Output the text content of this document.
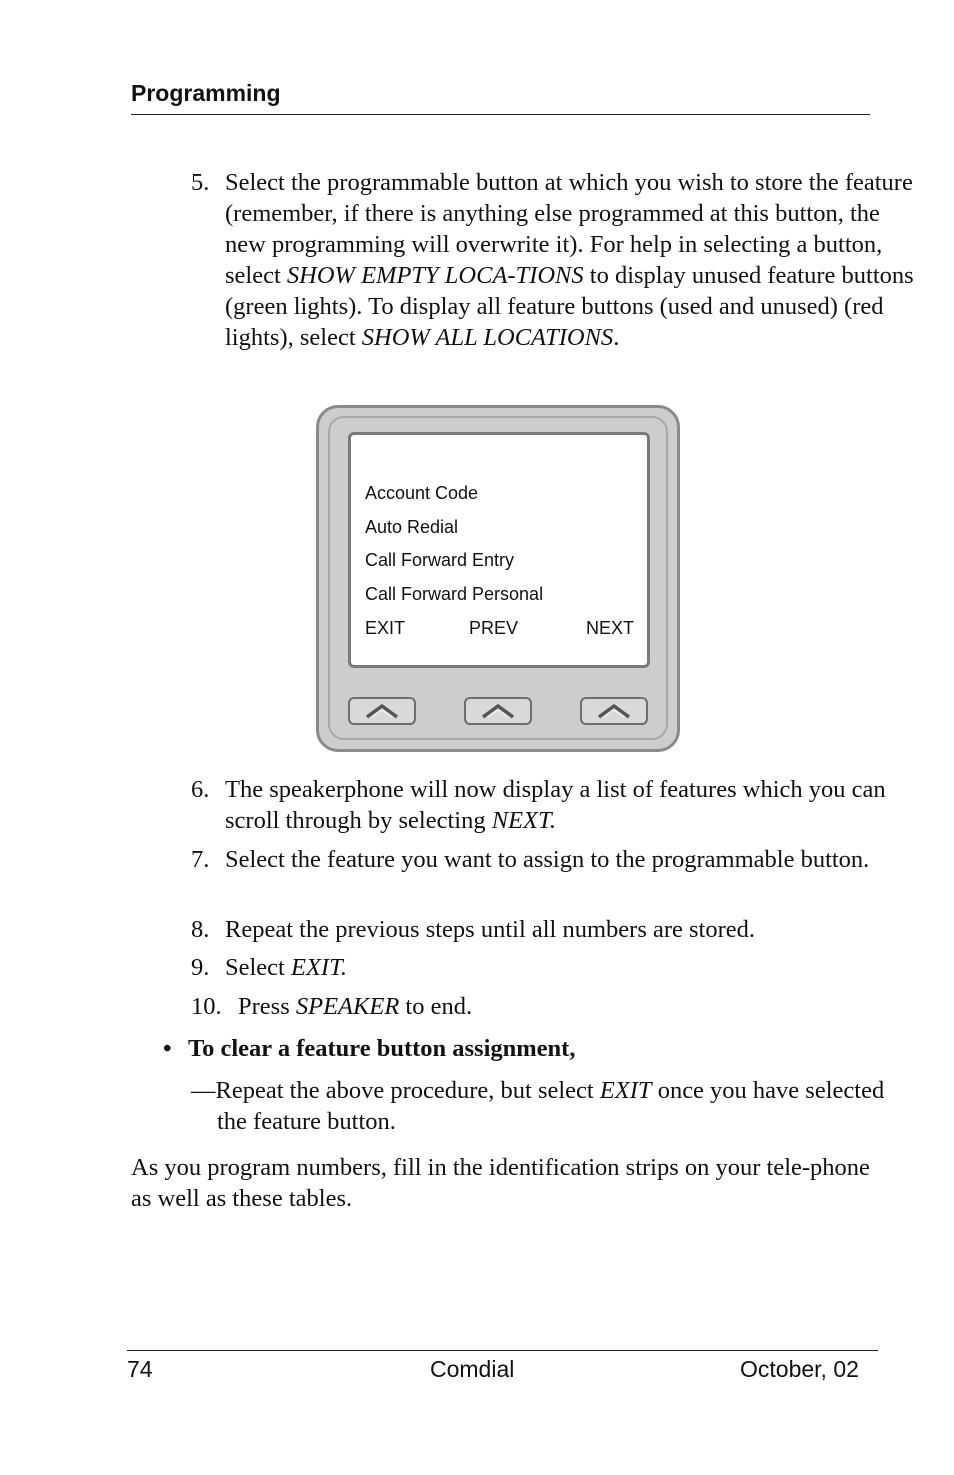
Programming

5. Select the programmable button at which you wish to store the feature (remember, if there is anything else programmed at this button, the new programming will overwrite it). For help in selecting a button, select SHOW EMPTY LOCA-TIONS to display unused feature buttons (green lights). To display all feature buttons (used and unused) (red lights), select SHOW ALL LOCATIONS.

Account Code
Auto Redial
Call Forward Entry
Call Forward Personal
EXIT	PREV	NEXT

6. The speakerphone will now display a list of features which you can scroll through by selecting NEXT.

7. Select the feature you want to assign to the programmable button.

8. Repeat the previous steps until all numbers are stored.

9. Select EXIT.

10. Press SPEAKER to end.

• To clear a feature button assignment,

—Repeat the above procedure, but select EXIT once you have selected the feature button.

As you program numbers, fill in the identification strips on your tele-phone as well as these tables.

74	Comdial	October, 02
